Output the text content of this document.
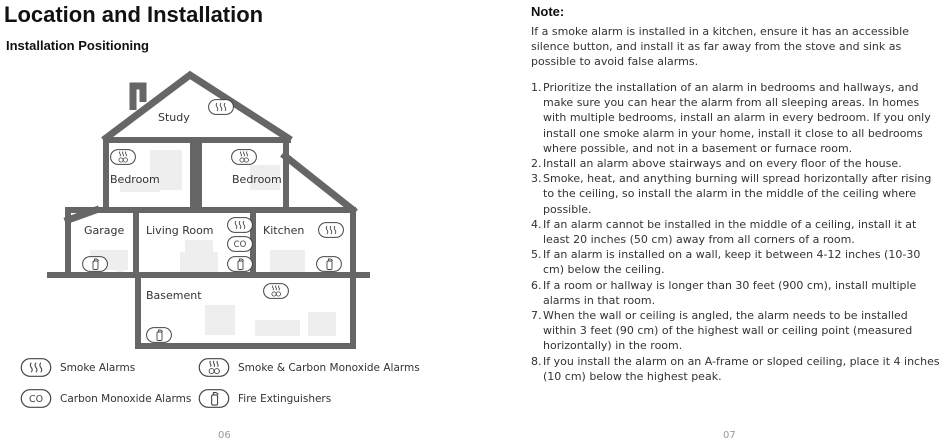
Location and Installation
Installation Positioning
Study
Bedroom	Bedroom
Garage Living Room	Kitchen
Basement
CO
Smoke Alarms	Smoke & Carbon Monoxide Alarms
CO Carbon Monoxide Alarms	Fire Extinguishers
06
Note:

If a smoke alarm is installed in a kitchen, ensure it has an accessible silence button, and install it as far away from the stove and sink as possible to avoid false alarms.

1. Prioritize the installation of an alarm in bedrooms and hallways, and make sure you can hear the alarm from all sleeping areas. In homes with multiple bedrooms, install an alarm in every bedroom. If you only install one smoke alarm in your home, install it close to all bedrooms where possible, and not in a basement or furnace room.
2. Install an alarm above stairways and on every floor of the house.
3. Smoke, heat, and anything burning will spread horizontally after rising to the ceiling, so install the alarm in the middle of the ceiling where possible.
4. If an alarm cannot be installed in the middle of a ceiling, install it at least 20 inches (50 cm) away from all corners of a room.
5. If an alarm is installed on a wall, keep it between 4-12 inches (10-30 cm) below the ceiling.
6. If a room or hallway is longer than 30 feet (900 cm), install multiple alarms in that room.
7. When the wall or ceiling is angled, the alarm needs to be installed within 3 feet (90 cm) of the highest wall or ceiling point (measured horizontally) in the room.
8. If you install the alarm on an A-frame or sloped ceiling, place it 4 inches (10 cm) below the highest peak.
07
